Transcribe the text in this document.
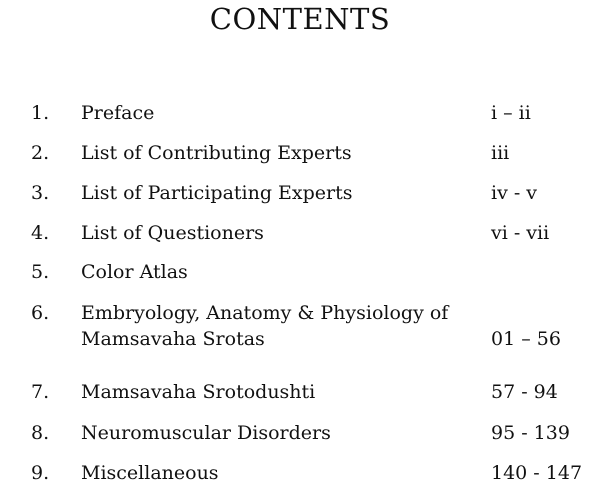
CONTENTS
1.	Preface	i – ii
2.	List of Contributing Experts	iii
3.	List of Participating Experts	iv - v
4.	List of Questioners	vi - vii
5.	Color Atlas
6.	Embryology, Anatomy & Physiology of
Mamsavaha Srotas	01 – 56
7.	Mamsavaha Srotodushti	57 - 94
8.	Neuromuscular Disorders	95 - 139
9.	Miscellaneous	140 - 147
